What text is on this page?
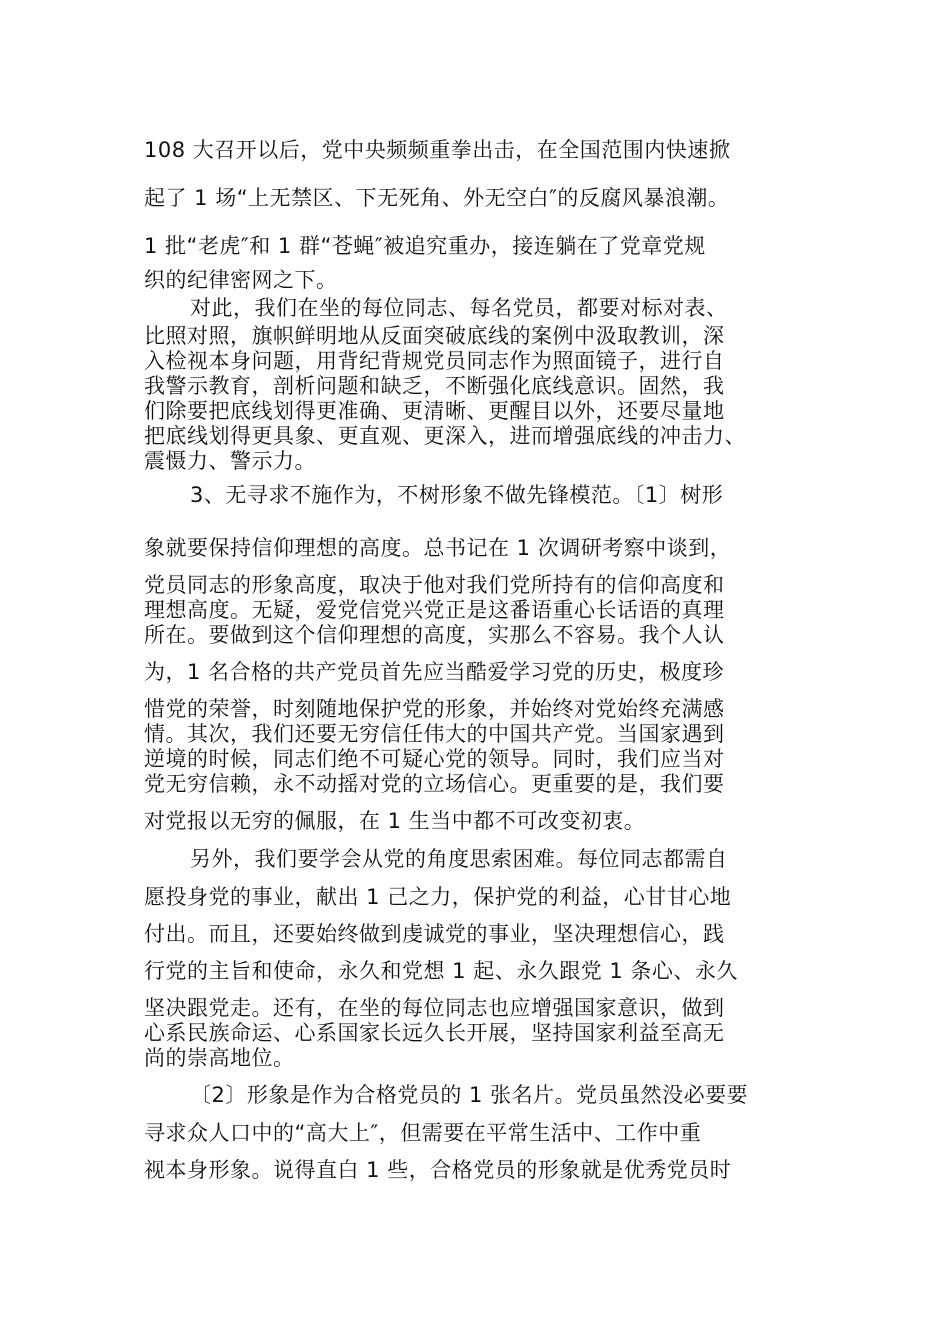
108 大召开以后，党中央频频重拳出击，在全国范围内快速掀
起了 1 场“上无禁区、下无死角、外无空白″的反腐风暴浪潮。
1 批“老虎″和 1 群“苍蝇″被追究重办，接连躺在了党章党规
织的纪律密网之下。
对此，我们在坐的每位同志、每名党员，都要对标对表、
比照对照，旗帜鲜明地从反面突破底线的案例中汲取教训，深
入检视本身问题，用背纪背规党员同志作为照面镜子，进行自
我警示教育，剖析问题和缺乏，不断强化底线意识。固然，我
们除要把底线划得更准确、更清晰、更醒目以外，还要尽量地
把底线划得更具象、更直观、更深入，进而增强底线的冲击力、
震慑力、警示力。
3、无寻求不施作为，不树形象不做先锋模范。〔1〕树形
象就要保持信仰理想的高度。总书记在 1 次调研考察中谈到，
党员同志的形象高度，取决于他对我们党所持有的信仰高度和
理想高度。无疑，爱党信党兴党正是这番语重心长话语的真理
所在。要做到这个信仰理想的高度，实那么不容易。我个人认
为，1 名合格的共产党员首先应当酷爱学习党的历史，极度珍
惜党的荣誉，时刻随地保护党的形象，并始终对党始终充满感
情。其次，我们还要无穷信任伟大的中国共产党。当国家遇到
逆境的时候，同志们绝不可疑心党的领导。同时，我们应当对
党无穷信赖，永不动摇对党的立场信心。更重要的是，我们要
对党报以无穷的佩服，在 1 生当中都不可改变初衷。
另外，我们要学会从党的角度思索困难。每位同志都需自
愿投身党的事业，献出 1 己之力，保护党的利益，心甘甘心地
付出。而且，还要始终做到虔诚党的事业，坚决理想信心，践
行党的主旨和使命，永久和党想 1 起、永久跟党 1 条心、永久
坚决跟党走。还有，在坐的每位同志也应增强国家意识，做到
心系民族命运、心系国家长远久长开展，坚持国家利益至高无
尚的崇高地位。
〔2〕形象是作为合格党员的 1 张名片。党员虽然没必要要
寻求众人口中的“高大上″，但需要在平常生活中、工作中重
视本身形象。说得直白 1 些，合格党员的形象就是优秀党员时
